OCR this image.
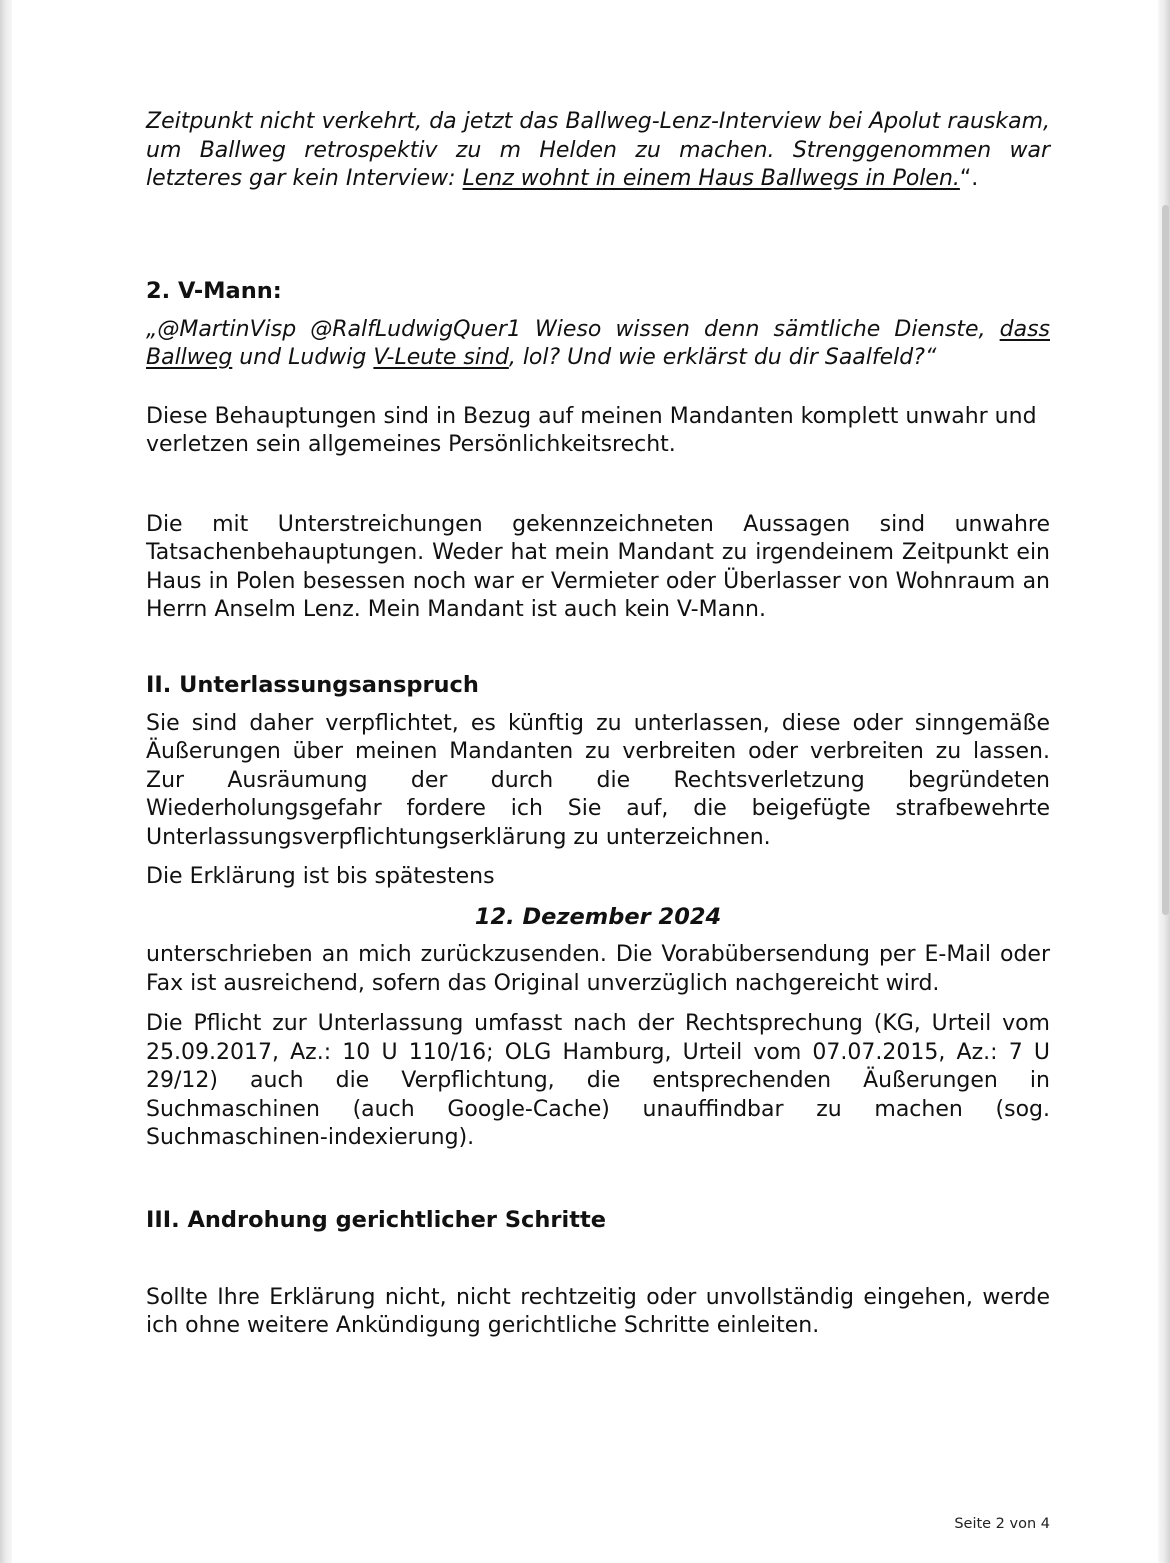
Zeitpunkt nicht verkehrt, da jetzt das Ballweg-Lenz-Interview bei Apolut rauskam, um Ballweg retrospektiv zu m Helden zu machen. Strenggenommen war letzteres gar kein Interview: Lenz wohnt in einem Haus Ballwegs in Polen.“.

2. V-Mann:

„@MartinVisp @RalfLudwigQuer1 Wieso wissen denn sämtliche Dienste, dass Ballweg und Ludwig V-Leute sind, lol? Und wie erklärst du dir Saalfeld?“

Diese Behauptungen sind in Bezug auf meinen Mandanten komplett unwahr und verletzen sein allgemeines Persönlichkeitsrecht.

Die mit Unterstreichungen gekennzeichneten Aussagen sind unwahre Tatsachenbehauptungen. Weder hat mein Mandant zu irgendeinem Zeitpunkt ein Haus in Polen besessen noch war er Vermieter oder Überlasser von Wohnraum an Herrn Anselm Lenz. Mein Mandant ist auch kein V-Mann.

II. Unterlassungsanspruch

Sie sind daher verpflichtet, es künftig zu unterlassen, diese oder sinngemäße Äußerungen über meinen Mandanten zu verbreiten oder verbreiten zu lassen. Zur Ausräumung der durch die Rechtsverletzung begründeten Wiederholungsgefahr fordere ich Sie auf, die beigefügte strafbewehrte Unterlassungsverpflichtungserklärung zu unterzeichnen.

Die Erklärung ist bis spätestens

12. Dezember 2024

unterschrieben an mich zurückzusenden. Die Vorabübersendung per E-Mail oder Fax ist ausreichend, sofern das Original unverzüglich nachgereicht wird.

Die Pflicht zur Unterlassung umfasst nach der Rechtsprechung (KG, Urteil vom 25.09.2017, Az.: 10 U 110/16; OLG Hamburg, Urteil vom 07.07.2015, Az.: 7 U 29/12) auch die Verpflichtung, die entsprechenden Äußerungen in Suchmaschinen (auch Google-Cache) unauffindbar zu machen (sog. Suchmaschinen-indexierung).

III. Androhung gerichtlicher Schritte

Sollte Ihre Erklärung nicht, nicht rechtzeitig oder unvollständig eingehen, werde ich ohne weitere Ankündigung gerichtliche Schritte einleiten.

Seite 2 von 4
